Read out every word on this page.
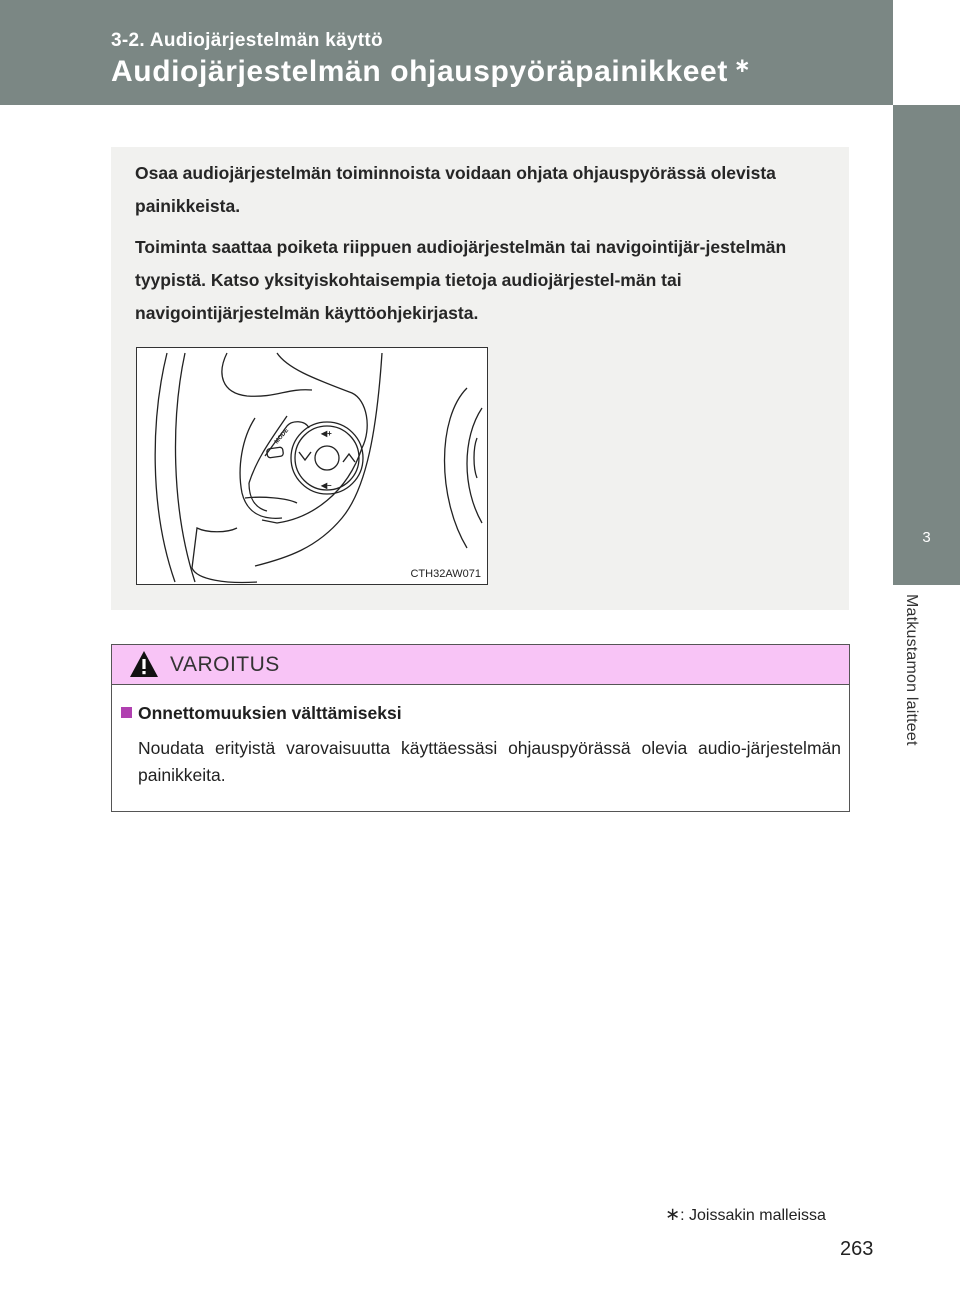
3-2. Audiojärjestelmän käyttö
Audiojärjestelmän ohjauspyöräpainikkeet ∗
3
Matkustamon laitteet

Osaa audiojärjestelmän toiminnoista voidaan ohjata ohjauspyörässä olevista painikkeista.

Toiminta saattaa poiketa riippuen audiojärjestelmän tai navigointijär-jestelmän tyypistä. Katso yksityiskohtaisempia tietoja audiojärjestel-män tai navigointijärjestelmän käyttöohjekirjasta.

◀+
◀–
MODE
CTH32AW071
VAROITUS
Onnettomuuksien välttämiseksi
Noudata erityistä varovaisuutta käyttäessäsi ohjauspyörässä olevia audio-järjestelmän painikkeita.
∗: Joissakin malleissa
263
